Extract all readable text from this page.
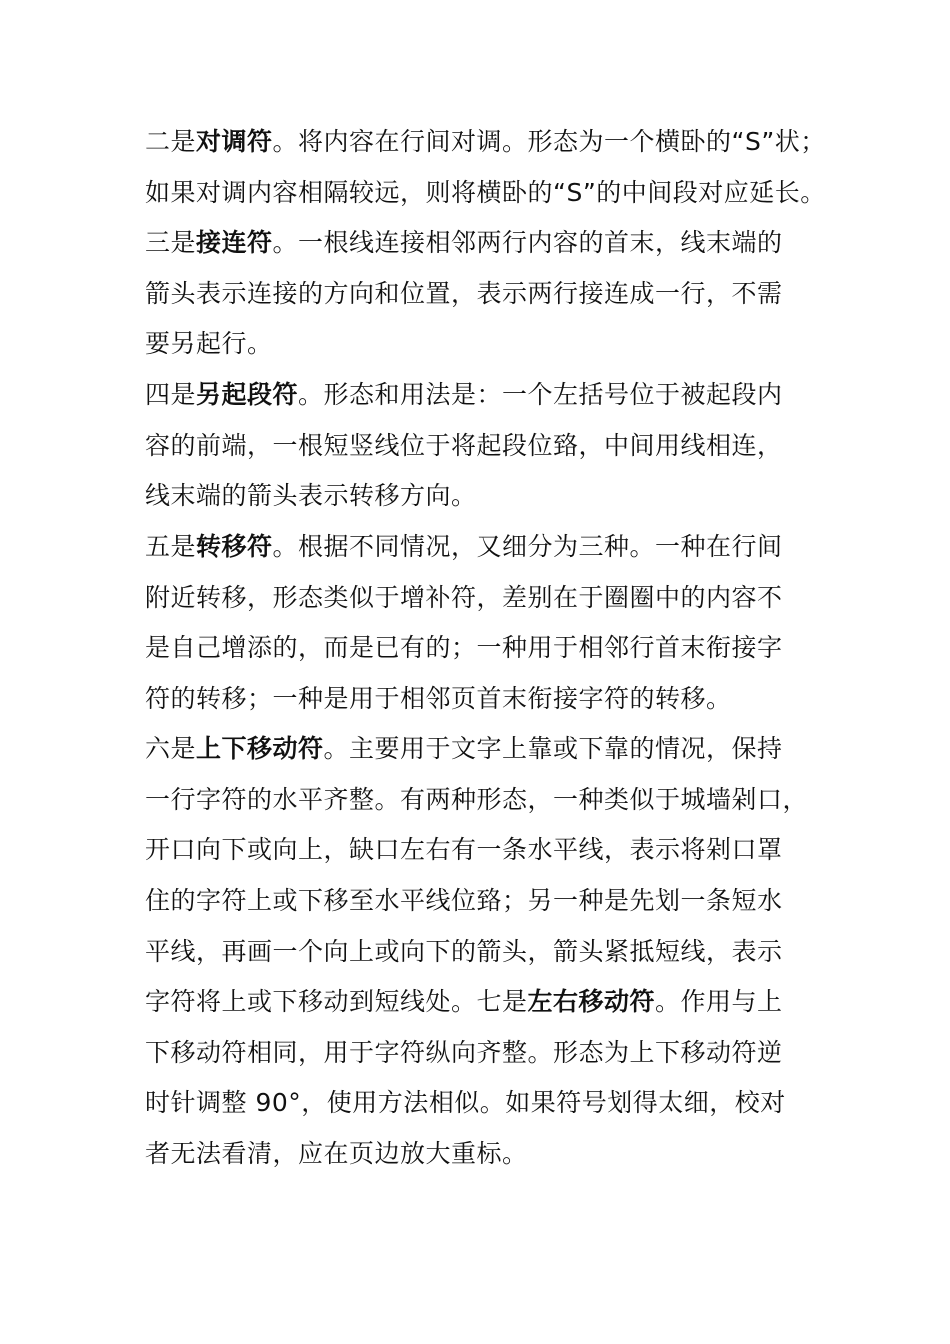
二是对调符。将内容在行间对调。形态为一个横卧的“S”状；
如果对调内容相隔较远，则将横卧的“S”的中间段对应延长。
三是接连符。一根线连接相邻两行内容的首末，线末端的
箭头表示连接的方向和位置，表示两行接连成一行，不需
要另起行。
四是另起段符。形态和用法是：一个左括号位于被起段内
容的前端，一根短竖线位于将起段位臵，中间用线相连，
线末端的箭头表示转移方向。
五是转移符。根据不同情况，又细分为三种。一种在行间
附近转移，形态类似于增补符，差别在于圈圈中的内容不
是自己增添的，而是已有的；一种用于相邻行首末衔接字
符的转移；一种是用于相邻页首末衔接字符的转移。
六是上下移动符。主要用于文字上靠或下靠的情况，保持
一行字符的水平齐整。有两种形态，一种类似于城墙剁口，
开口向下或向上，缺口左右有一条水平线，表示将剁口罩
住的字符上或下移至水平线位臵；另一种是先划一条短水
平线，再画一个向上或向下的箭头，箭头紧抵短线，表示
字符将上或下移动到短线处。七是左右移动符。作用与上
下移动符相同，用于字符纵向齐整。形态为上下移动符逆
时针调整 90°，使用方法相似。如果符号划得太细，校对
者无法看清，应在页边放大重标。
